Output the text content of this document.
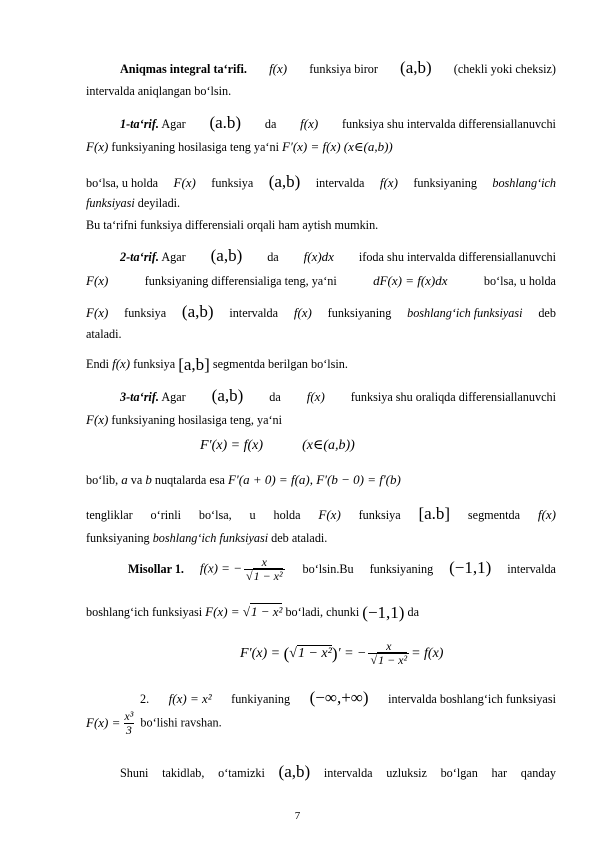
Aniqmas integral ta‘rifi. f(x) funksiya biror (a,b) (chekli yoki cheksiz)
intervalda aniqlangan bo‘lsin.
1-ta‘rif. Agar (a.b) da f(x) funksiya shu intervalda differensiallanuvchi
F(x) funksiyaning hosilasiga teng ya‘ni F′(x) = f(x) (x∈(a,b))
bo‘lsa, u holda F(x) funksiya (a,b) intervalda f(x) funksiyaning boshlang‘ich
funksiyasi deyiladi.
Bu ta‘rifni funksiya differensiali orqali ham aytish mumkin.
2-ta‘rif. Agar (a,b) da f(x)dx ifoda shu intervalda differensiallanuvchi
F(x)	funksiyaning differensialiga teng, ya‘ni	dF(x) = f(x)dx	bo‘lsa, u holda
F(x) funksiya (a,b) intervalda f(x) funksiyaning boshlang‘ich funksiyasi deb
ataladi.
Endi f(x) funksiya [a,b] segmentda berilgan bo‘lsin.
3-ta‘rif. Agar (a,b) da f(x) funksiya shu oraliqda differensiallanuvchi
F(x) funksiyaning hosilasiga teng, ya‘ni
F′(x) = f(x)	(x∈(a,b))
bo‘lib, a va b nuqtalarda esa F′(a + 0) = f(a), F′(b − 0) = f′(b)
tengliklar o‘rinli bo‘lsa, u holda F(x) funksiya [a.b] segmentda f(x)
funksiyaning boshlang‘ich funksiyasi deb ataladi.
Misollar 1. f(x) = − $\frac{x}{\text{√1 − x²}}$ bo‘lsin.Bu funksiyaning (−1,1) intervalda
boshlang‘ich funksiyasi F(x) = √1 − x² bo‘ladi, chunki (−1,1) da
F′(x) = (√1 − x²)′ = − $\frac{x}{\text{√1 − x²}} = f(x)$
2. f(x) = x² funkiyaning (−∞,+∞) intervalda boshlang‘ich funksiyasi
$F(x) = \frac{\text{x³}}{3}$ bo‘lishi ravshan.
Shuni takidlab, o‘tamizki (a,b) intervalda uzluksiz bo‘lgan har qanday
7
